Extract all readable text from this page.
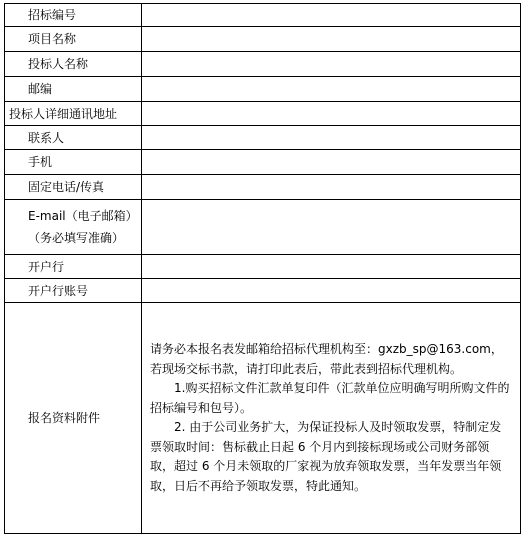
招标编号	
项目名称	
投标人名称	
邮编	
投标人详细通讯地址	
联系人	
手机	
固定电话/传真	

E-mail（电子邮箱）
（务必填写准确）	

开户行	
开户行账号	
报名资料附件	请务必本报名表发邮箱给招标代理机构至：gxzb_sp@163.com，若现场交标书款，请打印此表后，带此表到招标代理机构。

1.购买招标文件汇款单复印件（汇款单位应明确写明所购文件的招标编号和包号）。

2. 由于公司业务扩大，为保证投标人及时领取发票，特制定发票领取时间：售标截止日起 6 个月内到接标现场或公司财务部领取，超过 6 个月未领取的厂家视为放弃领取发票，当年发票当年领取，日后不再给予领取发票，特此通知。
